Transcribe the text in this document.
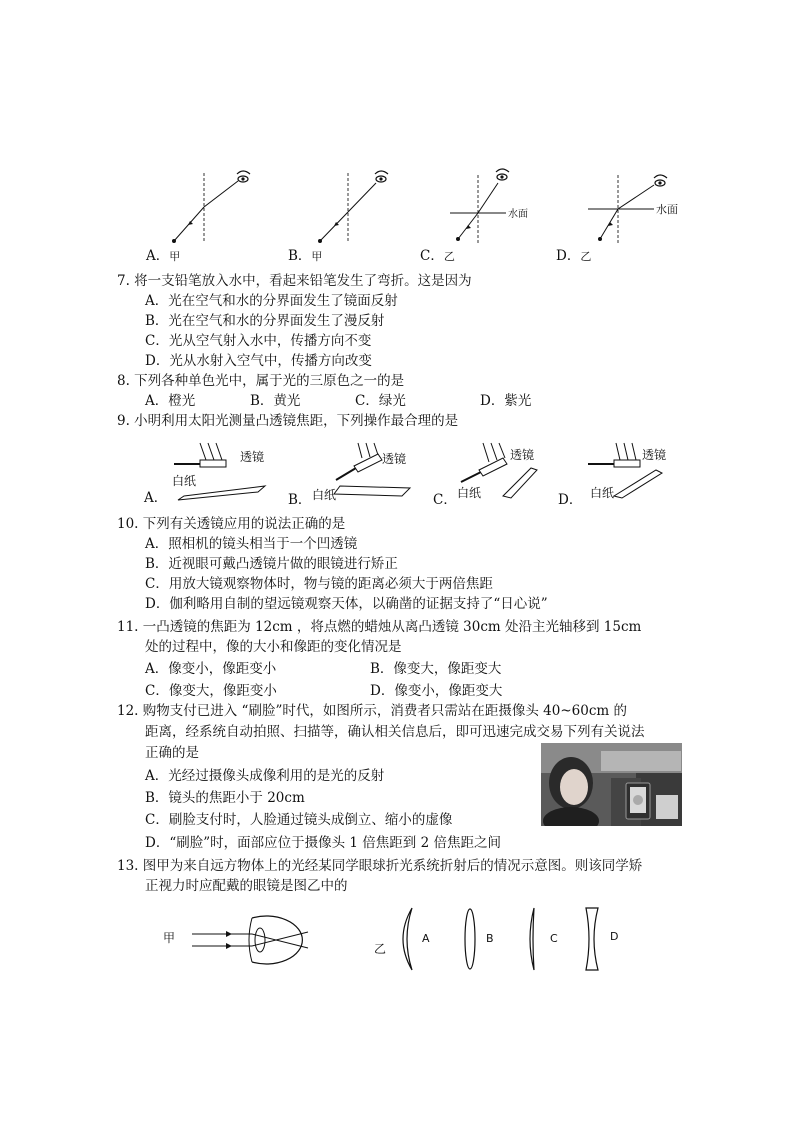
水面	水面
A．甲	B．甲	C．乙	D．乙
7. 将一支铅笔放入水中，看起来铅笔发生了弯折。这是因为
A．光在空气和水的分界面发生了镜面反射
B．光在空气和水的分界面发生了漫反射
C．光从空气射入水中，传播方向不变
D．光从水射入空气中，传播方向改变
8. 下列各种单色光中，属于光的三原色之一的是
A．橙光	B．黄光	C．绿光	D．紫光
9. 小明利用太阳光测量凸透镜焦距，下列操作最合理的是
透镜	透镜	透镜	透镜
白纸
白纸	白纸	白纸
A．	B．	C．	D．
10. 下列有关透镜应用的说法正确的是
A．照相机的镜头相当于一个凹透镜
B．近视眼可戴凸透镜片做的眼镜进行矫正
C．用放大镜观察物体时，物与镜的距离必须大于两倍焦距
D．伽利略用自制的望远镜观察天体，以确凿的证据支持了“日心说”
11. 一凸透镜的焦距为 12cm ，将点燃的蜡烛从离凸透镜 30cm 处沿主光轴移到 15cm
处的过程中，像的大小和像距的变化情况是
A．像变小，像距变小	B．像变大，像距变大
C．像变大，像距变小	D．像变小，像距变大
12. 购物支付已进入 “刷脸”时代，如图所示，消费者只需站在距摄像头 40~60cm 的
距离，经系统自动拍照、扫描等，确认相关信息后，即可迅速完成交易下列有关说法
正确的是
A．光经过摄像头成像利用的是光的反射
B．镜头的焦距小于 20cm
C．刷脸支付时，人脸通过镜头成倒立、缩小的虚像
D．“刷脸”时，面部应位于摄像头 1 倍焦距到 2 倍焦距之间
13. 图甲为来自远方物体上的光经某同学眼球折光系统折射后的情况示意图。则该同学矫
正视力时应配戴的眼镜是图乙中的
甲
乙
A	B	C	D
